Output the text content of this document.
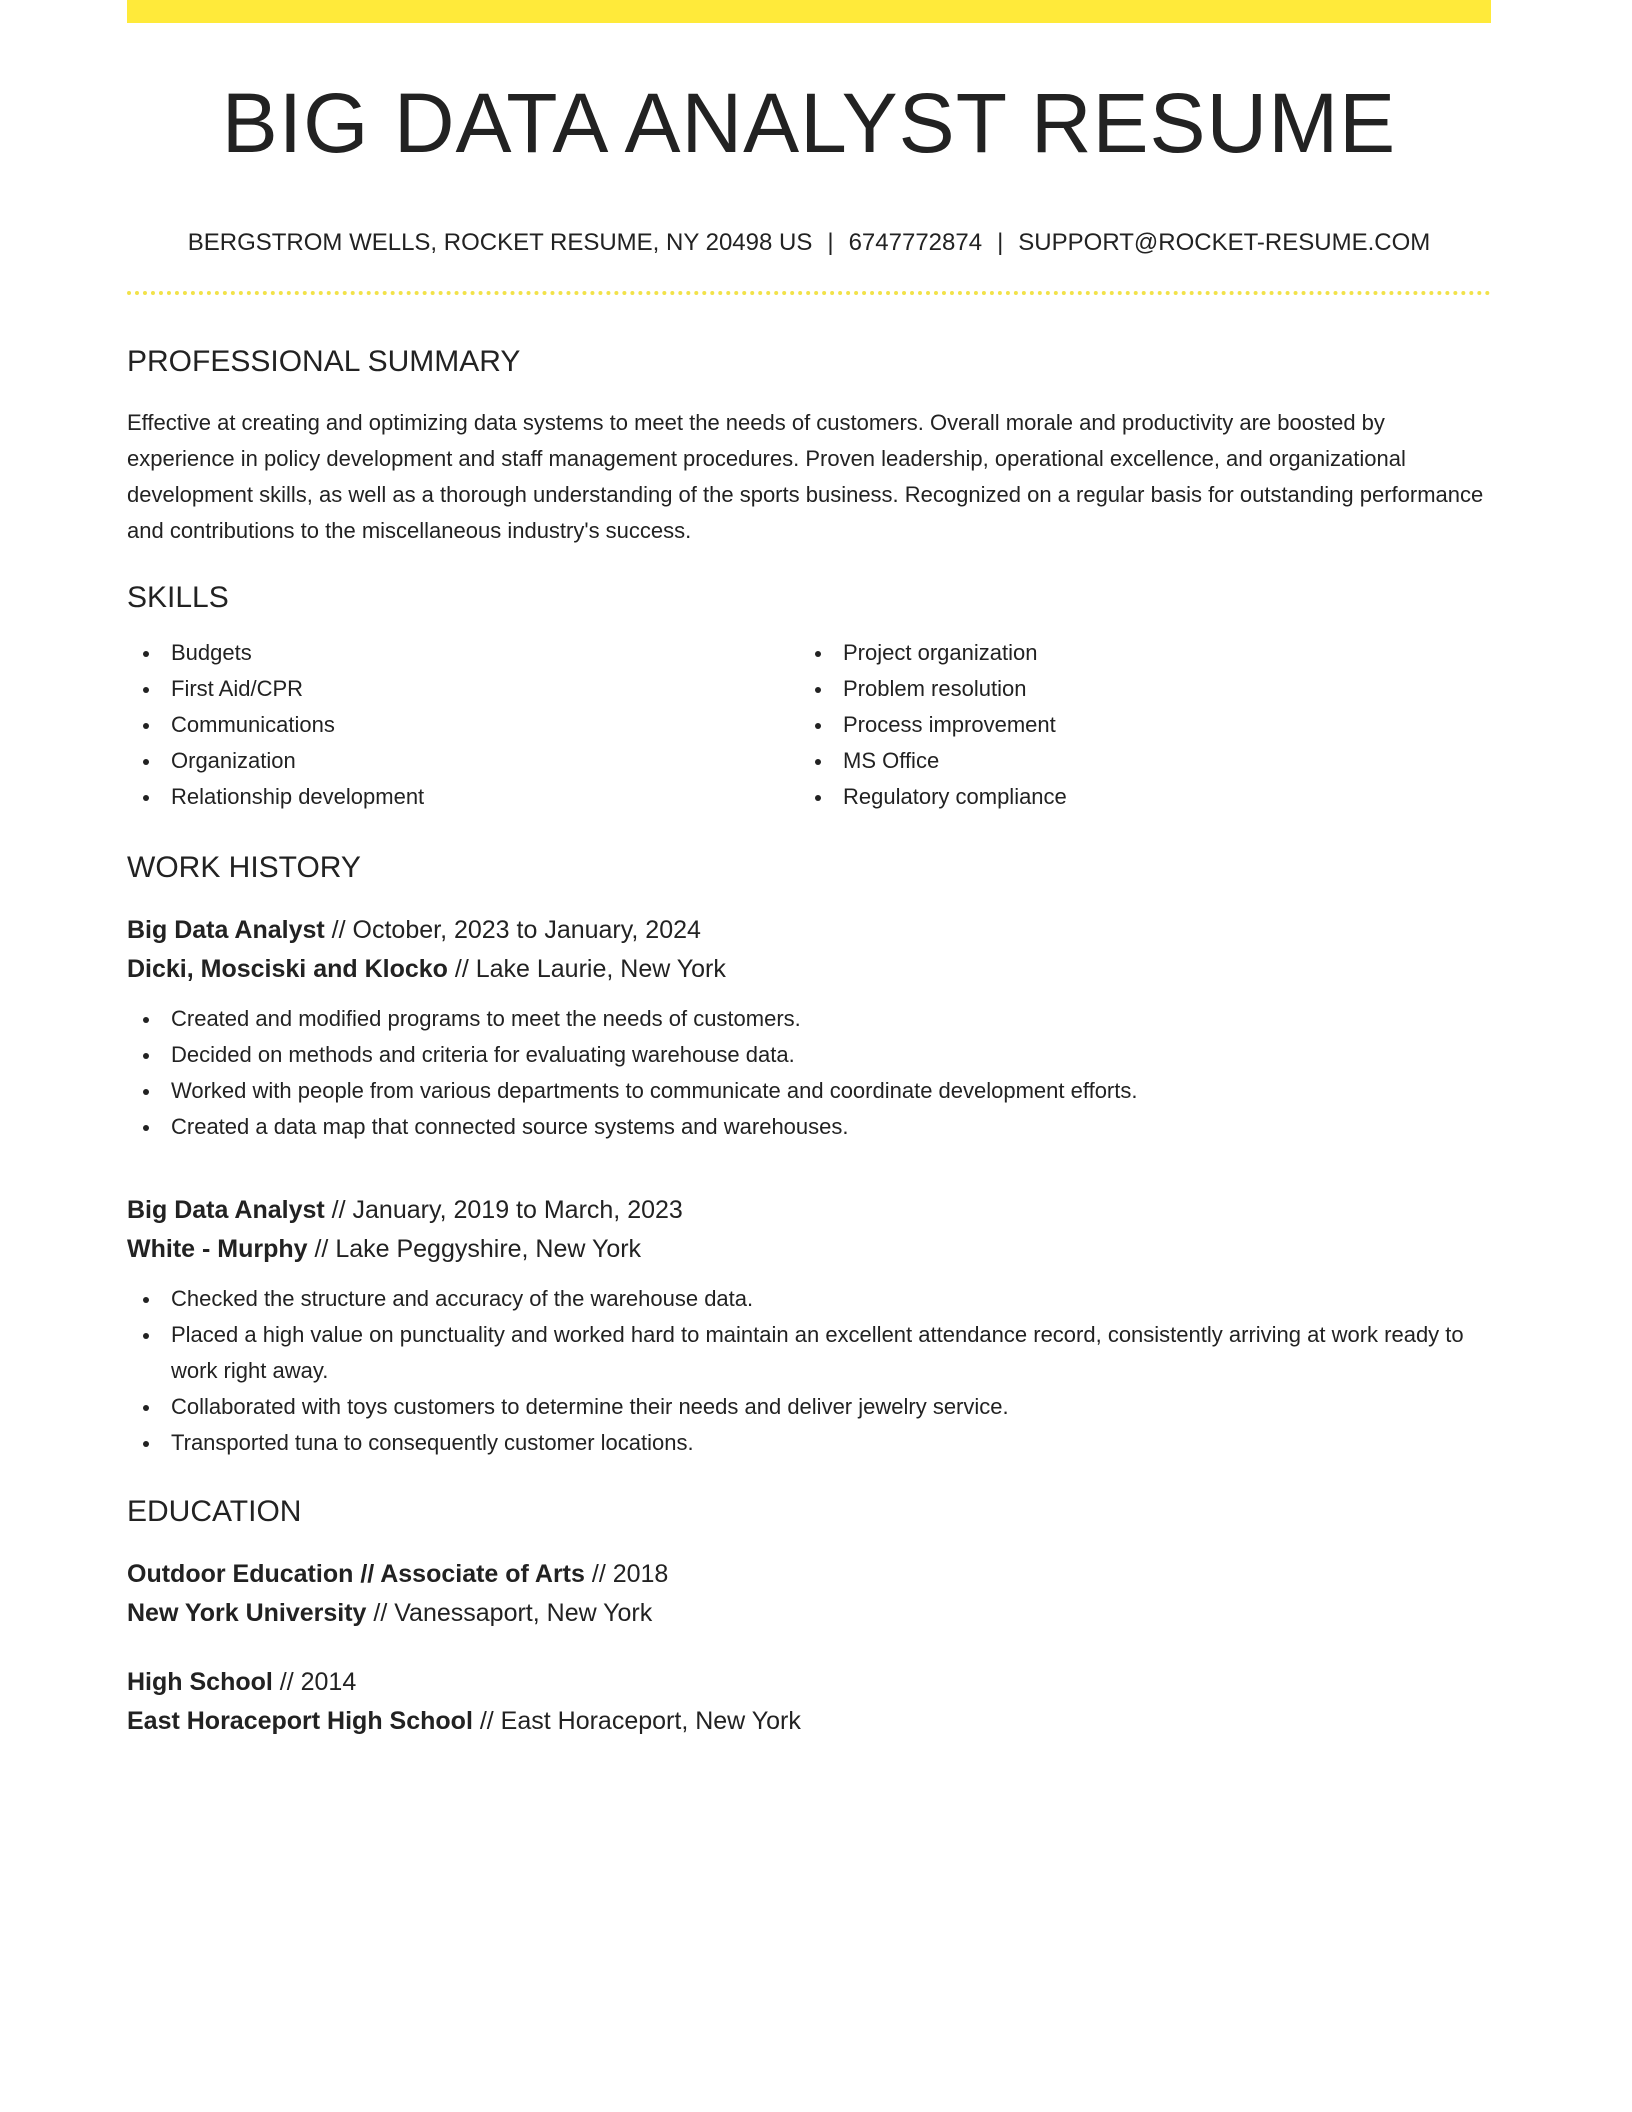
BIG DATA ANALYST RESUME
BERGSTROM WELLS, ROCKET RESUME, NY 20498 US | 6747772874 | SUPPORT@ROCKET-RESUME.COM
PROFESSIONAL SUMMARY
Effective at creating and optimizing data systems to meet the needs of customers. Overall morale and productivity are boosted by experience in policy development and staff management procedures. Proven leadership, operational excellence, and organizational development skills, as well as a thorough understanding of the sports business. Recognized on a regular basis for outstanding performance and contributions to the miscellaneous industry's success.
SKILLS
Budgets
First Aid/CPR
Communications
Organization
Relationship development
Project organization
Problem resolution
Process improvement
MS Office
Regulatory compliance
WORK HISTORY
Big Data Analyst // October, 2023 to January, 2024
Dicki, Mosciski and Klocko // Lake Laurie, New York
Created and modified programs to meet the needs of customers.
Decided on methods and criteria for evaluating warehouse data.
Worked with people from various departments to communicate and coordinate development efforts.
Created a data map that connected source systems and warehouses.
Big Data Analyst // January, 2019 to March, 2023
White - Murphy // Lake Peggyshire, New York
Checked the structure and accuracy of the warehouse data.
Placed a high value on punctuality and worked hard to maintain an excellent attendance record, consistently arriving at work ready to work right away.
Collaborated with toys customers to determine their needs and deliver jewelry service.
Transported tuna to consequently customer locations.
EDUCATION
Outdoor Education // Associate of Arts // 2018
New York University // Vanessaport, New York
High School // 2014
East Horaceport High School // East Horaceport, New York
